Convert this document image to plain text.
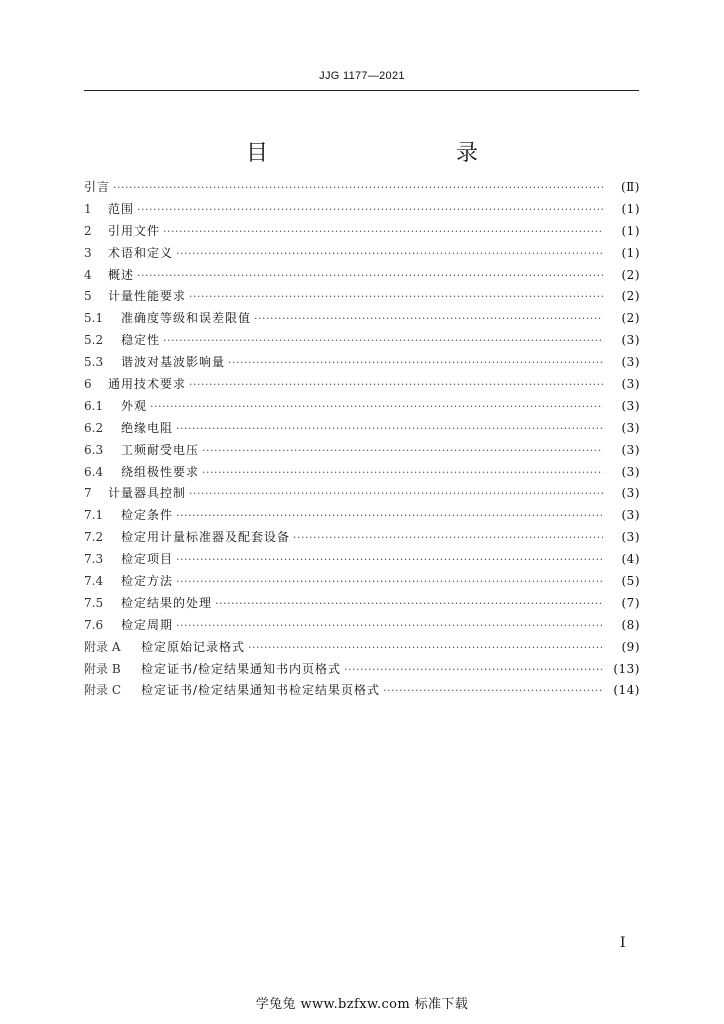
JJG 1177—2021
目　　录
引言 ·····	(Ⅱ)
1	范围 ·····	(1)
2	引用文件 ·····	(1)
3	术语和定义 ·····	(1)
4	概述 ·····	(2)
5	计量性能要求 ·····	(2)
5.1	准确度等级和误差限值 ·····	(2)
5.2	稳定性 ·····	(3)
5.3	谐波对基波影响量 ·····	(3)
6	通用技术要求 ·····	(3)
6.1	外观 ·····	(3)
6.2	绝缘电阻 ·····	(3)
6.3	工频耐受电压 ·····	(3)
6.4	绕组极性要求 ·····	(3)
7	计量器具控制 ·····	(3)
7.1	检定条件 ·····	(3)
7.2	检定用计量标准器及配套设备 ·····	(3)
7.3	检定项目 ·····	(4)
7.4	检定方法 ·····	(5)
7.5	检定结果的处理 ·····	(7)
7.6	检定周期 ·····	(8)
附录 A	检定原始记录格式 ·····	(9)
附录 B	检定证书/检定结果通知书内页格式 ·····	(13)
附录 C	检定证书/检定结果通知书检定结果页格式 ·····	(14)
I
学兔兔 www.bzfxw.com 标准下载
